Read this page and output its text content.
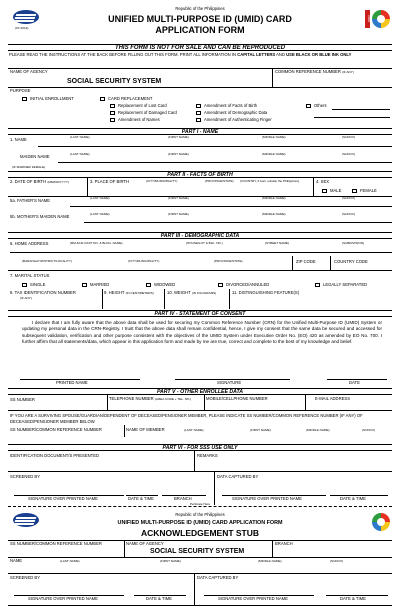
(07-2013)
Republic of the Philippines
UNIFIED MULTI-PURPOSE ID (UMID) CARD
APPLICATION FORM
UMID
THIS FORM IS NOT FOR SALE AND CAN BE REPRODUCED
PLEASE READ THE INSTRUCTIONS AT THE BACK BEFORE FILLING OUT THIS FORM. PRINT ALL INFORMATION IN CAPITAL LETTERS AND USE BLACK OR BLUE INK ONLY
NAME OF AGENCY
SOCIAL SECURITY SYSTEM
COMMON REFERENCE NUMBER (IF ANY)
PURPOSE
INITIAL ENROLLMENT	CARD REPLACEMENT
Replacement of Lost Card
Replacement of Damaged Card
Amendment of Names
Amendment of Facts of Birth
Amendment of Demographic Data
Amendment of Authenticating Finger
Others
PART I - NAME
1. NAME	(LAST NAME)	(FIRST NAME)	(MIDDLE NAME)	(SUFFIX)
MAIDEN NAME	(LAST NAME)	(FIRST NAME)	(MIDDLE NAME)	(SUFFIX)
(IF MARRIED FEMALE)
PART II - FACTS OF BIRTH
2. DATE OF BIRTH (MM/DD/YYYY)	3. PLACE OF BIRTH	(CITY/MUNICIPALITY)	(PROVINCE/STATE) (COUNTRY, if born outside the Philippines)	4. SEX
MALE	FEMALE
5a. FATHER'S NAME	(LAST NAME)	(FIRST NAME)	(MIDDLE NAME)	(SUFFIX)
5b. MOTHER'S MAIDEN NAME	(LAST NAME)	(FIRST NAME)	(MIDDLE NAME)	(SUFFIX)
PART III - DEMOGRAPHIC DATA
6. HOME ADDRESS	(RM./FLR./UNIT NO. & BLDG. NAME)	(HOUSE/LOT & BLK. NO.)	(STREET NAME)	(SUBDIVISION)
(BARANGAY/DISTRICT/LOCALITY)	(CITY/MUNICIPALITY)	(PROVINCE/STATE)	ZIP CODE	COUNTRY CODE
7. MARITAL STATUS
SINGLE	MARRIED	WIDOWED	DIVORCED/ANNULED	LEGALLY SEPARATED
8. TAX IDENTIFICATION NUMBER
(IF ANY)
9. HEIGHT (IN CENTIMETERS)	10. WEIGHT (IN KILOGRAMS)	11. DISTINGUISHING FEATURE(S)
PART IV - STATEMENT OF CONSENT
I declare that I am fully aware that the above data shall be used for securing my Common Reference Number (CRN) for the Unified Multi-Purpose ID (UMID) System or updating my personal data in the CRN-Registry. I trust that the above data shall remain confidential, hence, I give my consent that the same data be secured and accessed for subsequent validation, verification and other purpose consistent with the objectives of the UMID System under Executive Order No. (EO) 420 as amended by EO No. 700. I further affirm that all statements/data, which appear in this application form and made by me are true, correct and complete to the best of my knowledge and belief.
PRINTED NAME	SIGNATURE	DATE
PART V - OTHER ENROLLEE DATA
SS NUMBER	TELEPHONE NUMBER (AREA CODE + TEL. NO.)	MOBILE/CELLPHONE NUMBER	E-MAIL ADDRESS
IF YOU ARE A SURVIVING SPOUSE/GUARDIAN/DEPENDENT OF DECEASED/PENSIONER MEMBER, PLEASE INDICATE SS NUMBER/COMMON REFERENCE NUMBER (IF ANY) OF DECEASED/PENSIONER MEMBER BELOW
SS NUMBER/COMMON REFERENCE NUMBER	NAME OF MEMBER	(LAST NAME)	(FIRST NAME)	(MIDDLE NAME)	(SUFFIX)
PART VI - FOR SSS USE ONLY
IDENTIFICATION DOCUMENT/S PRESENTED	REMARKS
SCREENED BY	DATA CAPTURED BY
SIGNATURE OVER PRINTED NAME	DATE & TIME	BRANCH	SIGNATURE OVER PRINTED NAME	DATE & TIME
Perforate Here
Republic of the Philippines
UNIFIED MULTI-PURPOSE ID (UMID) CARD APPLICATION FORM
ACKNOWLEDGEMENT STUB
SS NUMBER/COMMON REFERENCE NUMBER	NAME OF AGENCY
SOCIAL SECURITY SYSTEM
BRANCH
NAME	(LAST NAME)	(FIRST NAME)	(MIDDLE NAME)	(SUFFIX)
SCREENED BY	DATA CAPTURED BY
SIGNATURE OVER PRINTED NAME	DATE & TIME	SIGNATURE OVER PRINTED NAME	DATE & TIME
